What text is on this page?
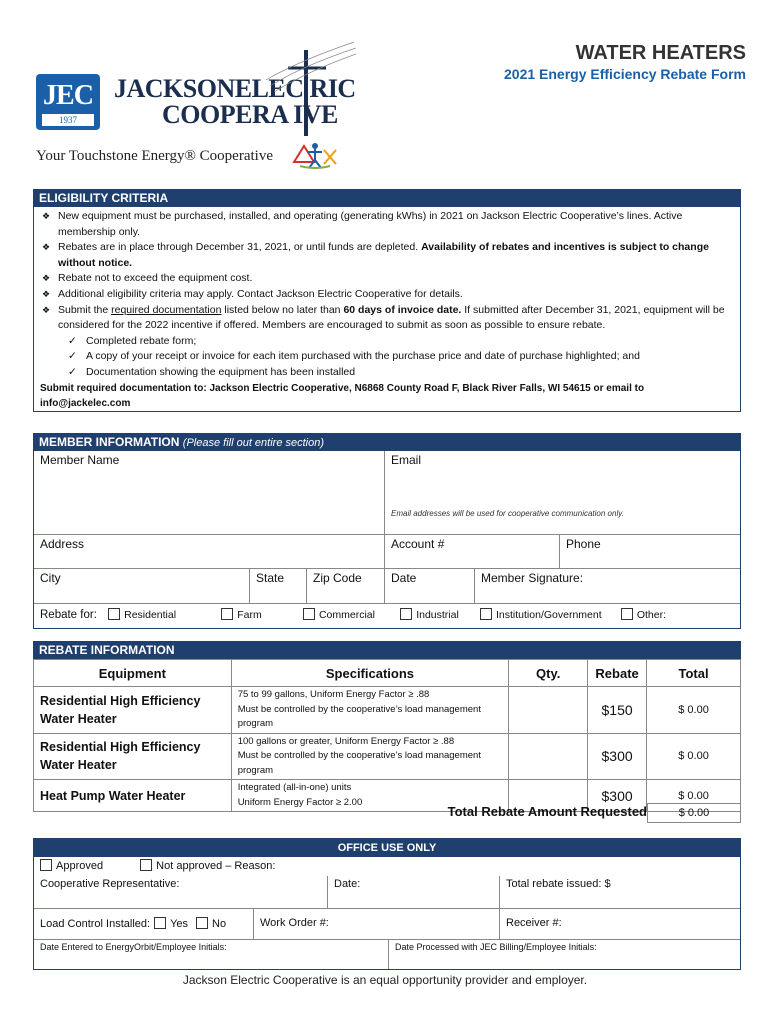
JEC
1937
JACKSONELEC RIC
COOPERA IVE
Your Touchstone Energy® Cooperative
WATER HEATERS
2021 Energy Efficiency Rebate Form
ELIGIBILITY CRITERIA
❖ New equipment must be purchased, installed, and operating (generating kWhs) in 2021 on Jackson Electric Cooperative’s lines. Active membership only.
❖ Rebates are in place through December 31, 2021, or until funds are depleted. Availability of rebates and incentives is subject to change without notice.
❖ Rebate not to exceed the equipment cost.
❖ Additional eligibility criteria may apply. Contact Jackson Electric Cooperative for details.
❖ Submit the required documentation listed below no later than 60 days of invoice date. If submitted after December 31, 2021, equipment will be considered for the 2022 incentive if offered. Members are encouraged to submit as soon as possible to ensure rebate.
✓ Completed rebate form;
✓ A copy of your receipt or invoice for each item purchased with the purchase price and date of purchase highlighted; and
✓ Documentation showing the equipment has been installed
Submit required documentation to: Jackson Electric Cooperative, N6868 County Road F, Black River Falls, WI 54615 or email to info@jackelec.com
MEMBER INFORMATION (Please fill out entire section)
Member Name	Email
Email addresses will be used for cooperative communication only.
Address	Account #	Phone
City	State	Zip Code	Date	Member Signature:
Rebate for:	Residential	Farm	Commercial	Industrial	Institution/Government	Other:
REBATE INFORMATION
Equipment	Specifications	Qty.	Rebate	Total
Residential High Efficiency Water Heater	75 to 99 gallons, Uniform Energy Factor ≥ .88
Must be controlled by the cooperative’s load management program		$150	$ 0.00
Residential High Efficiency Water Heater	100 gallons or greater, Uniform Energy Factor ≥ .88
Must be controlled by the cooperative’s load management program		$300	$ 0.00
Heat Pump Water Heater	Integrated (all-in-one) units
Uniform Energy Factor ≥ 2.00		$300	$ 0.00
Total Rebate Amount Requested	$ 0.00
OFFICE USE ONLY
Approved	Not approved – Reason:
Cooperative Representative:	Date:	Total rebate issued: $
Load Control Installed: Yes No	Work Order #:	Receiver #:
Date Entered to EnergyOrbit/Employee Initials:	Date Processed with JEC Billing/Employee Initials:
Jackson Electric Cooperative is an equal opportunity provider and employer.
